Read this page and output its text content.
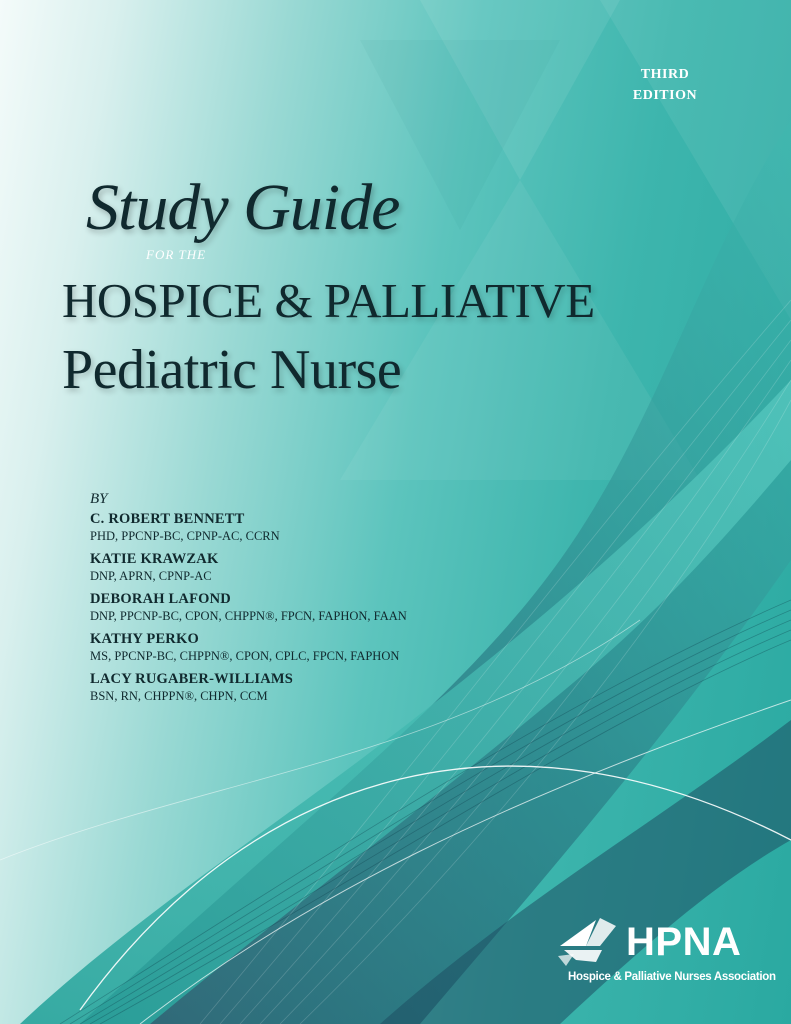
THIRD
EDITION
Study Guide
FOR THE
HOSPICE & PALLIATIVE
Pediatric Nurse
BY
C. ROBERT BENNETT
PHD, PPCNP-BC, CPNP-AC, CCRN
KATIE KRAWZAK
DNP, APRN, CPNP-AC
DEBORAH LAFOND
DNP, PPCNP-BC, CPON, CHPPN®, FPCN, FAPHON, FAAN
KATHY PERKO
MS, PPCNP-BC, CHPPN®, CPON, CPLC, FPCN, FAPHON
LACY RUGABER-WILLIAMS
BSN, RN, CHPPN®, CHPN, CCM
HPNA
Hospice & Palliative Nurses Association
